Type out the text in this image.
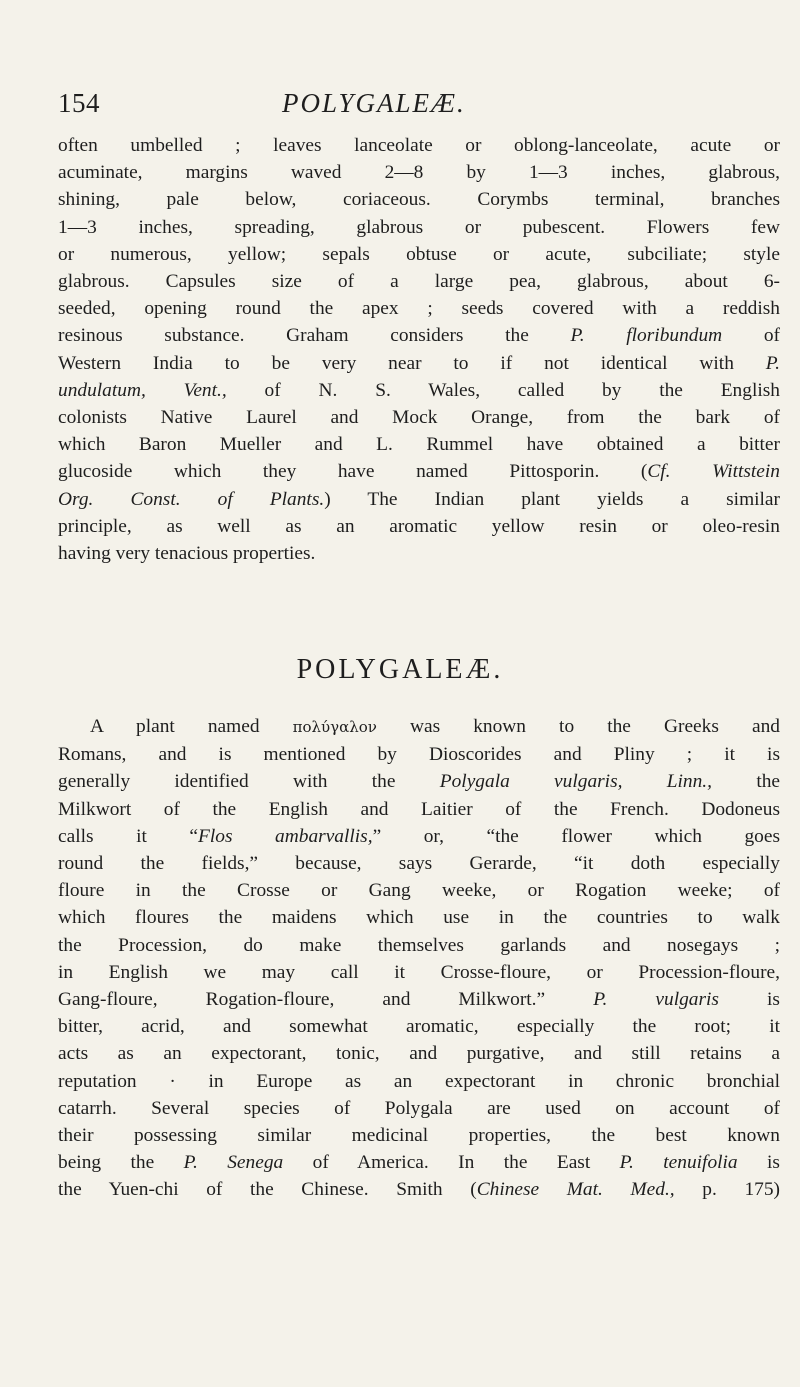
154	POLYGALEÆ.

often umbelled ; leaves lanceolate or oblong-lanceolate, acute or
acuminate, margins waved 2—8 by 1—3 inches, glabrous,
shining, pale below, coriaceous. Corymbs terminal, branches
1—3 inches, spreading, glabrous or pubescent. Flowers few
or numerous, yellow; sepals obtuse or acute, subciliate; style
glabrous. Capsules size of a large pea, glabrous, about 6-
seeded, opening round the apex ; seeds covered with a reddish
resinous substance. Graham considers the P. floribundum of
Western India to be very near to if not identical with P.
undulatum, Vent., of N. S. Wales, called by the English
colonists Native Laurel and Mock Orange, from the bark of
which Baron Mueller and L. Rummel have obtained a bitter
glucoside which they have named Pittosporin. (Cf. Wittstein
Org. Const. of Plants.) The Indian plant yields a similar
principle, as well as an aromatic yellow resin or oleo-resin
having very tenacious properties.

POLYGALEÆ.

A plant named πολύγαλον was known to the Greeks and
Romans, and is mentioned by Dioscorides and Pliny ; it is
generally identified with the Polygala vulgaris, Linn., the
Milkwort of the English and Laitier of the French. Dodoneus
calls it “Flos ambarvallis,” or, “the flower which goes
round the fields,” because, says Gerarde, “it doth especially
floure in the Crosse or Gang weeke, or Rogation weeke; of
which floures the maidens which use in the countries to walk
the Procession, do make themselves garlands and nosegays ;
in English we may call it Crosse-floure, or Procession-floure,
Gang-floure, Rogation-floure, and Milkwort.” P. vulgaris is
bitter, acrid, and somewhat aromatic, especially the root; it
acts as an expectorant, tonic, and purgative, and still retains a
reputation · in Europe as an expectorant in chronic bronchial
catarrh. Several species of Polygala are used on account of
their possessing similar medicinal properties, the best known
being the P. Senega of America. In the East P. tenuifolia is
the Yuen-chi of the Chinese. Smith (Chinese Mat. Med., p. 175)
